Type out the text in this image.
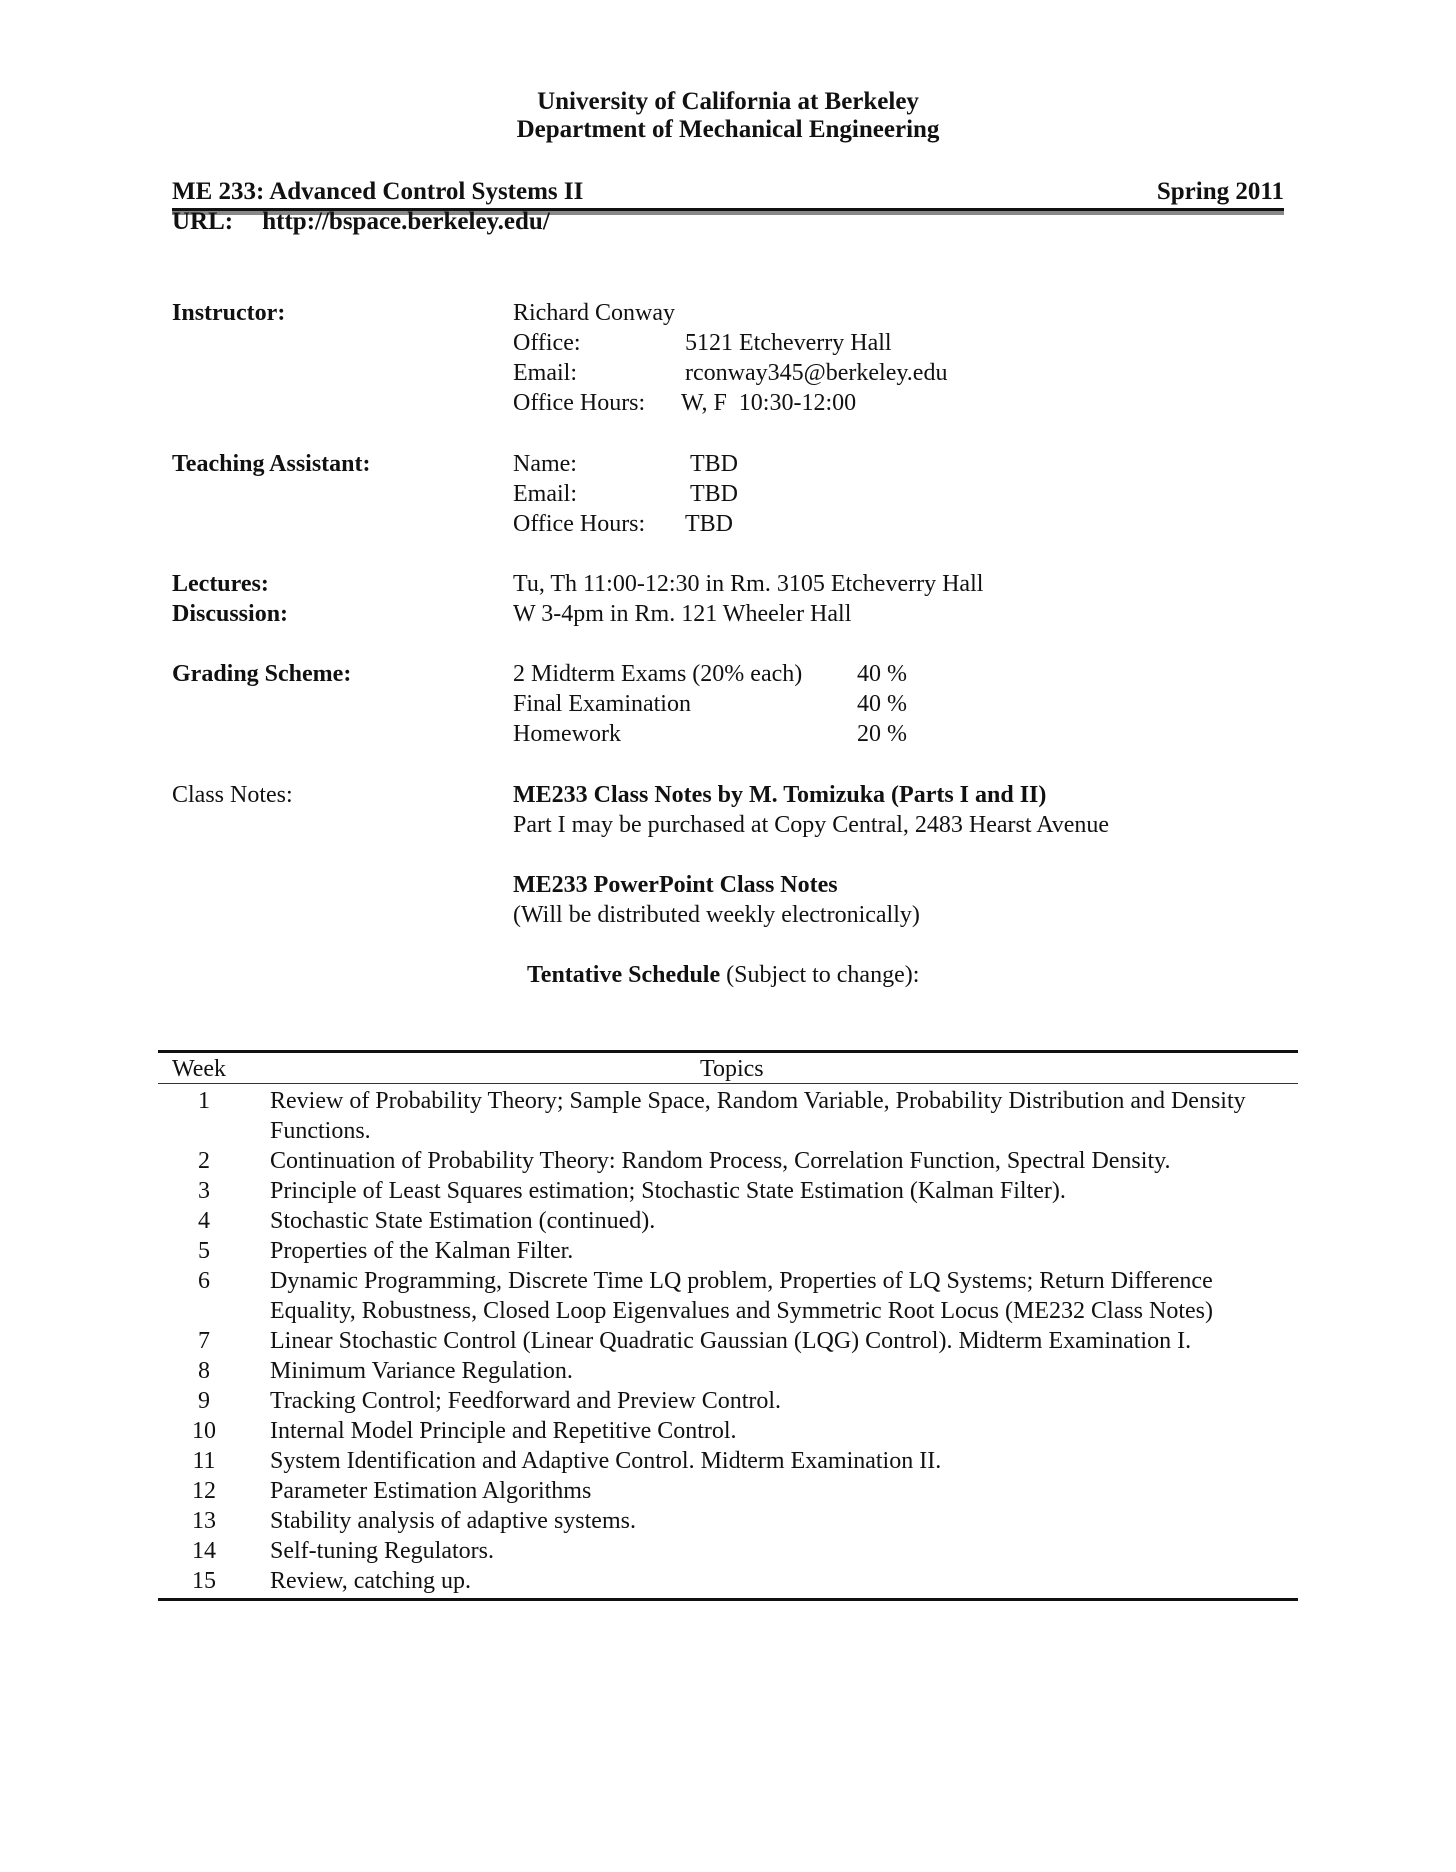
University of California at Berkeley
Department of Mechanical Engineering
ME 233: Advanced Control Systems II	Spring 2011
URL: http://bspace.berkeley.edu/
Instructor:	Richard Conway
Office:	5121 Etcheverry Hall
Email:	rconway345@berkeley.edu
Office Hours: W, F  10:30-12:00
Teaching Assistant:	Name:	TBD
Email:	TBD
Office Hours: TBD
Lectures:	Tu, Th 11:00-12:30 in Rm. 3105 Etcheverry Hall
Discussion:	W 3-4pm in Rm. 121 Wheeler Hall
Grading Scheme:	2 Midterm Exams (20% each) 40 %
Final Examination	40 %
Homework	20 %
Class Notes:	ME233 Class Notes by M. Tomizuka (Parts I and II)
Part I may be purchased at Copy Central, 2483 Hearst Avenue
ME233 PowerPoint Class Notes
(Will be distributed weekly electronically)
Tentative Schedule (Subject to change):
Week	Topics
1	Review of Probability Theory; Sample Space, Random Variable, Probability Distribution and Density Functions.
2	Continuation of Probability Theory: Random Process, Correlation Function, Spectral Density.
3	Principle of Least Squares estimation; Stochastic State Estimation (Kalman Filter).
4	Stochastic State Estimation (continued).
5	Properties of the Kalman Filter.
6	Dynamic Programming, Discrete Time LQ problem, Properties of LQ Systems; Return Difference Equality, Robustness, Closed Loop Eigenvalues and Symmetric Root Locus (ME232 Class Notes)
7	Linear Stochastic Control (Linear Quadratic Gaussian (LQG) Control). Midterm Examination I.
8	Minimum Variance Regulation.
9	Tracking Control; Feedforward and Preview Control.
10	Internal Model Principle and Repetitive Control.
11	System Identification and Adaptive Control. Midterm Examination II.
12	Parameter Estimation Algorithms
13	Stability analysis of adaptive systems.
14	Self-tuning Regulators.
15	Review, catching up.
